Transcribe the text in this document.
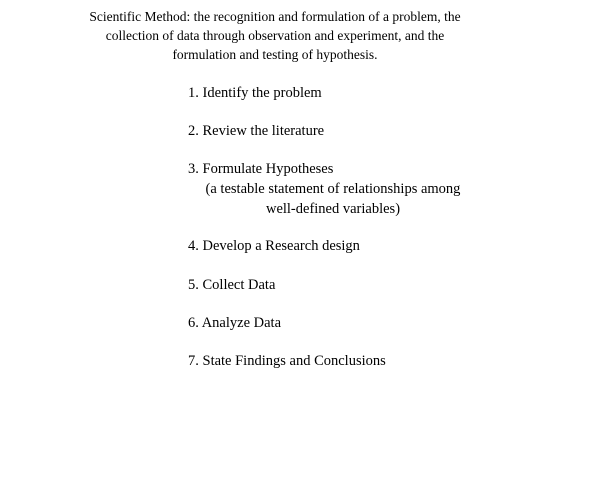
Scientific Method: the recognition and formulation of a problem, the
collection of data through observation and experiment, and the
formulation and testing of hypothesis.

1. Identify the problem
2. Review the literature
3. Formulate Hypotheses
(a testable statement of relationships among
well-defined variables)
4. Develop a Research design
5. Collect Data
6. Analyze Data
7. State Findings and Conclusions
